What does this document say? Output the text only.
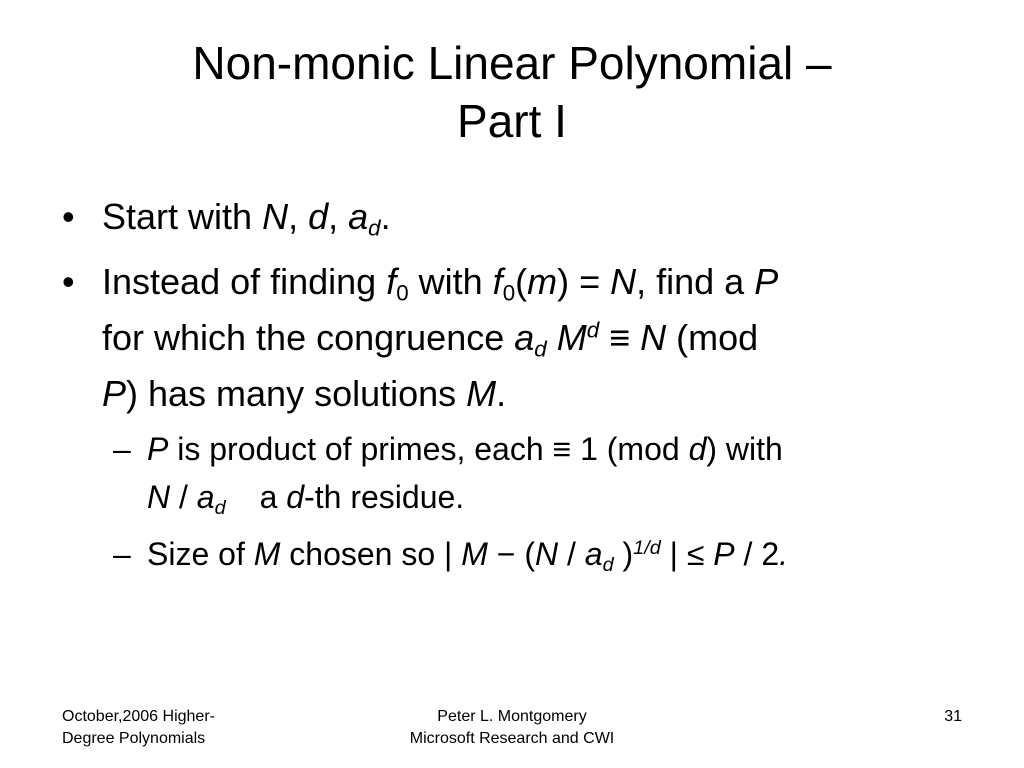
Non-monic Linear Polynomial –
Part I
• Start with N, d, $a_d$.
• Instead of finding $f_0$ with $f_0(m) = N$, find a P
for which the congruence $a_d$ $M^d \equiv N$ (mod
P) has many solutions M.
– P is product of primes, each ≡ 1 (mod d) with
N / $a_d$ a d-th residue.
– Size of M chosen so | $M - (N / a_d$ )$^{1/d}$ | ≤ P / 2.
October,2006 Higher-
Degree Polynomials
Peter L. Montgomery
Microsoft Research and CWI
31
